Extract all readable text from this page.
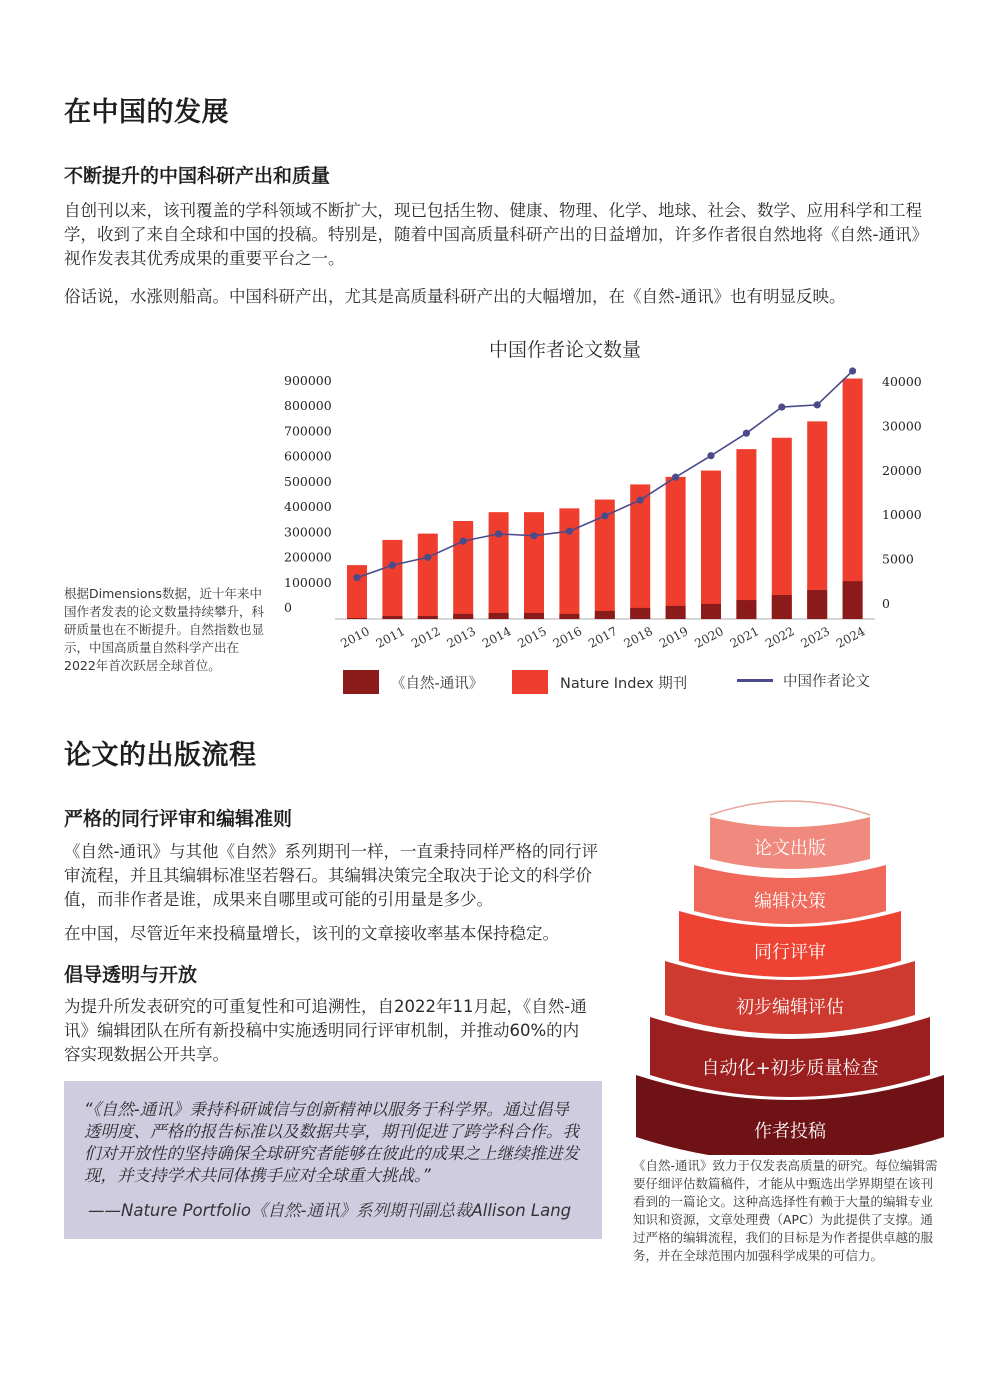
在中国的发展
不断提升的中国科研产出和质量
自创刊以来，该刊覆盖的学科领域不断扩大，现已包括生物、健康、物理、化学、地球、社会、数学、应用科学和工程学，收到了来自全球和中国的投稿。特别是，随着中国高质量科研产出的日益增加，许多作者很自然地将《自然-通讯》视作发表其优秀成果的重要平台之一。
俗话说，水涨则船高。中国科研产出，尤其是高质量科研产出的大幅增加，在《自然-通讯》也有明显反映。
根据Dimensions数据，近十年来中国作者发表的论文数量持续攀升，科研质量也在不断提升。自然指数也显示，中国高质量自然科学产出在2022年首次跃居全球首位。
中国作者论文数量
900000
800000
700000
600000
500000
400000
300000
200000
100000
0
40000
30000
20000
10000
5000
0
2010 2011 2012 2013 2014 2015 2016 2017 2018 2019 2020 2021 2022 2023 2024
《自然-通讯》	Nature Index 期刊	中国作者论文
论文的出版流程
严格的同行评审和编辑准则
《自然-通讯》与其他《自然》系列期刊一样，一直秉持同样严格的同行评审流程，并且其编辑标准坚若磐石。其编辑决策完全取决于论文的科学价值，而非作者是谁，成果来自哪里或可能的引用量是多少。
在中国，尽管近年来投稿量增长，该刊的文章接收率基本保持稳定。
倡导透明与开放
为提升所发表研究的可重复性和可追溯性，自2022年11月起，《自然-通讯》编辑团队在所有新投稿中实施透明同行评审机制，并推动60%的内容实现数据公开共享。
“《自然-通讯》秉持科研诚信与创新精神以服务于科学界。通过倡导透明度、严格的报告标准以及数据共享，期刊促进了跨学科合作。我们对开放性的坚持确保全球研究者能够在彼此的成果之上继续推进发现，并支持学术共同体携手应对全球重大挑战。”
——Nature Portfolio《自然-通讯》系列期刊副总裁Allison Lang
论文出版
编辑决策
同行评审
初步编辑评估
自动化+初步质量检查
作者投稿
《自然-通讯》致力于仅发表高质量的研究。每位编辑需要仔细评估数篇稿件，才能从中甄选出学界期望在该刊看到的一篇论文。这种高选择性有赖于大量的编辑专业知识和资源，文章处理费（APC）为此提供了支撑。通过严格的编辑流程，我们的目标是为作者提供卓越的服务，并在全球范围内加强科学成果的可信力。
